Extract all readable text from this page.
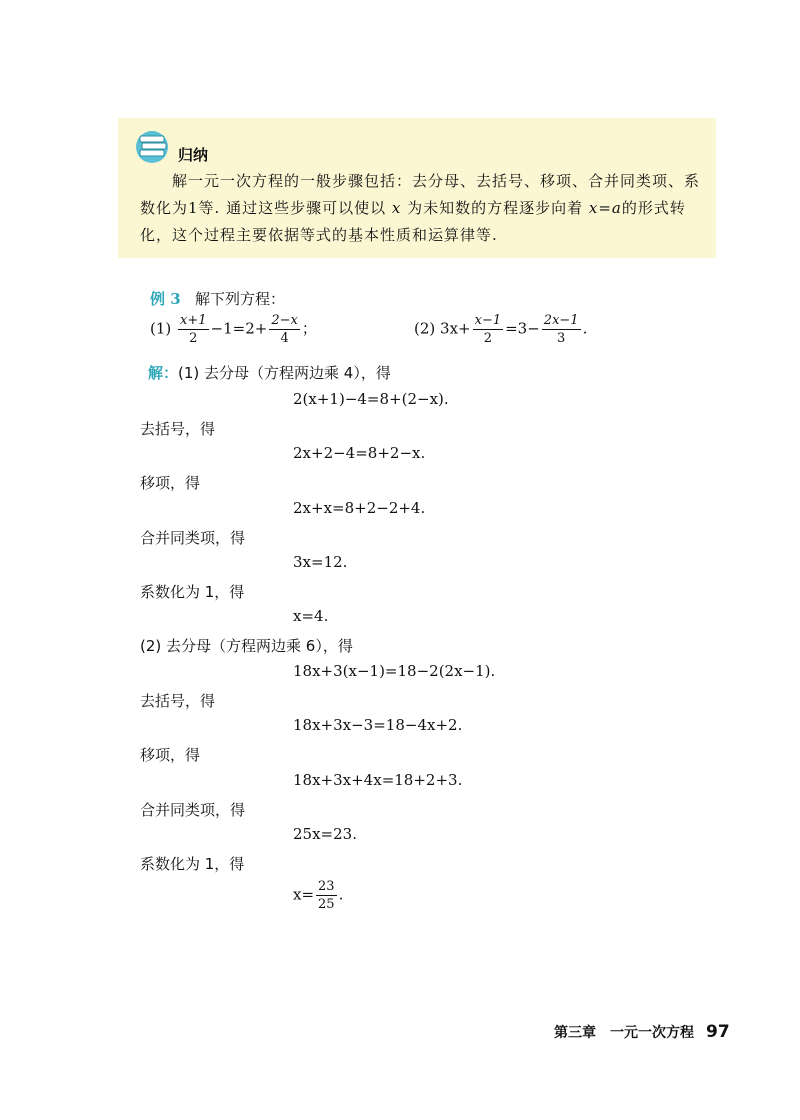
归纳
解一元一次方程的一般步骤包括：去分母、去括号、移项、合并同类项、系数化为1等. 通过这些步骤可以使以 x 为未知数的方程逐步向着 x=a的形式转化，这个过程主要依据等式的基本性质和运算律等.
例 3 解下列方程：
$(1) \frac{x+1}{2} -1=2+ \frac{2-x}{4}$ ；	(2) $3x+ \frac{x-1}{2} =3- \frac{2x-1}{3}$ .
解：(1) 去分母（方程两边乘 4），得
2(x+1)−4=8+(2−x).
去括号，得
2x+2−4=8+2−x.
移项，得
2x+x=8+2−2+4.
合并同类项，得
3x=12.
系数化为 1，得
x=4.
(2) 去分母（方程两边乘 6），得
18x+3(x−1)=18−2(2x−1).
去括号，得
18x+3x−3=18−4x+2.
移项，得
18x+3x+4x=18+2+3.
合并同类项，得
25x=23.
系数化为 1，得
$x= \frac{23}{25}$ .
第三章　一元一次方程 97
